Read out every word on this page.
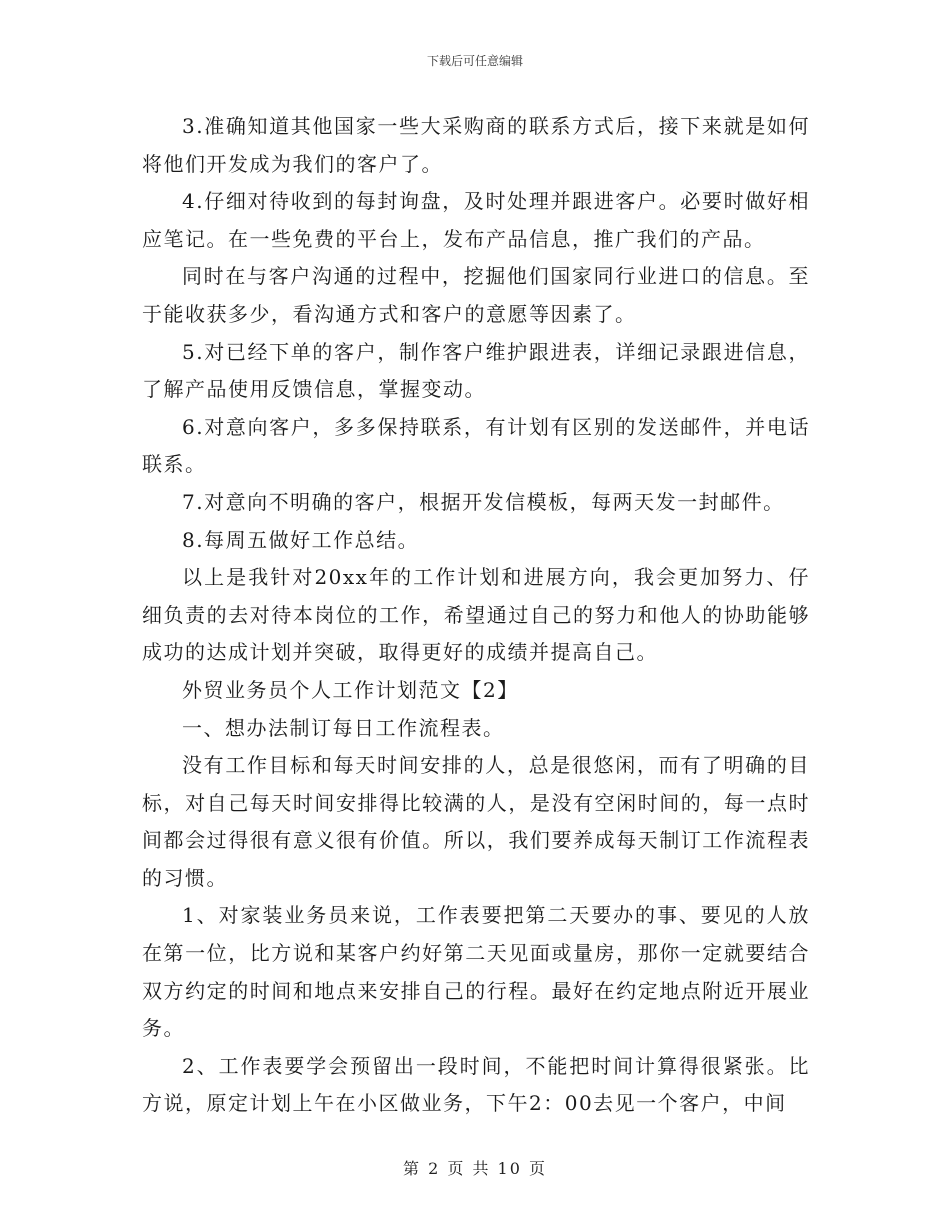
下载后可任意编辑

3.准确知道其他国家一些大采购商的联系方式后，接下来就是如何将他们开发成为我们的客户了。

4.仔细对待收到的每封询盘，及时处理并跟进客户。必要时做好相应笔记。在一些免费的平台上，发布产品信息，推广我们的产品。

同时在与客户沟通的过程中，挖掘他们国家同行业进口的信息。至于能收获多少，看沟通方式和客户的意愿等因素了。

5.对已经下单的客户，制作客户维护跟进表，详细记录跟进信息，了解产品使用反馈信息，掌握变动。

6.对意向客户，多多保持联系，有计划有区别的发送邮件，并电话联系。

7.对意向不明确的客户，根据开发信模板，每两天发一封邮件。

8.每周五做好工作总结。

以上是我针对20xx年的工作计划和进展方向，我会更加努力、仔细负责的去对待本岗位的工作，希望通过自己的努力和他人的协助能够成功的达成计划并突破，取得更好的成绩并提高自己。

外贸业务员个人工作计划范文【2】

一、想办法制订每日工作流程表。

没有工作目标和每天时间安排的人，总是很悠闲，而有了明确的目标，对自己每天时间安排得比较满的人，是没有空闲时间的，每一点时间都会过得很有意义很有价值。所以，我们要养成每天制订工作流程表的习惯。

1、对家装业务员来说，工作表要把第二天要办的事、要见的人放在第一位，比方说和某客户约好第二天见面或量房，那你一定就要结合双方约定的时间和地点来安排自己的行程。最好在约定地点附近开展业务。

2、工作表要学会预留出一段时间，不能把时间计算得很紧张。比方说，原定计划上午在小区做业务，下午2：00去见一个客户，中间

第 2 页 共 10 页
